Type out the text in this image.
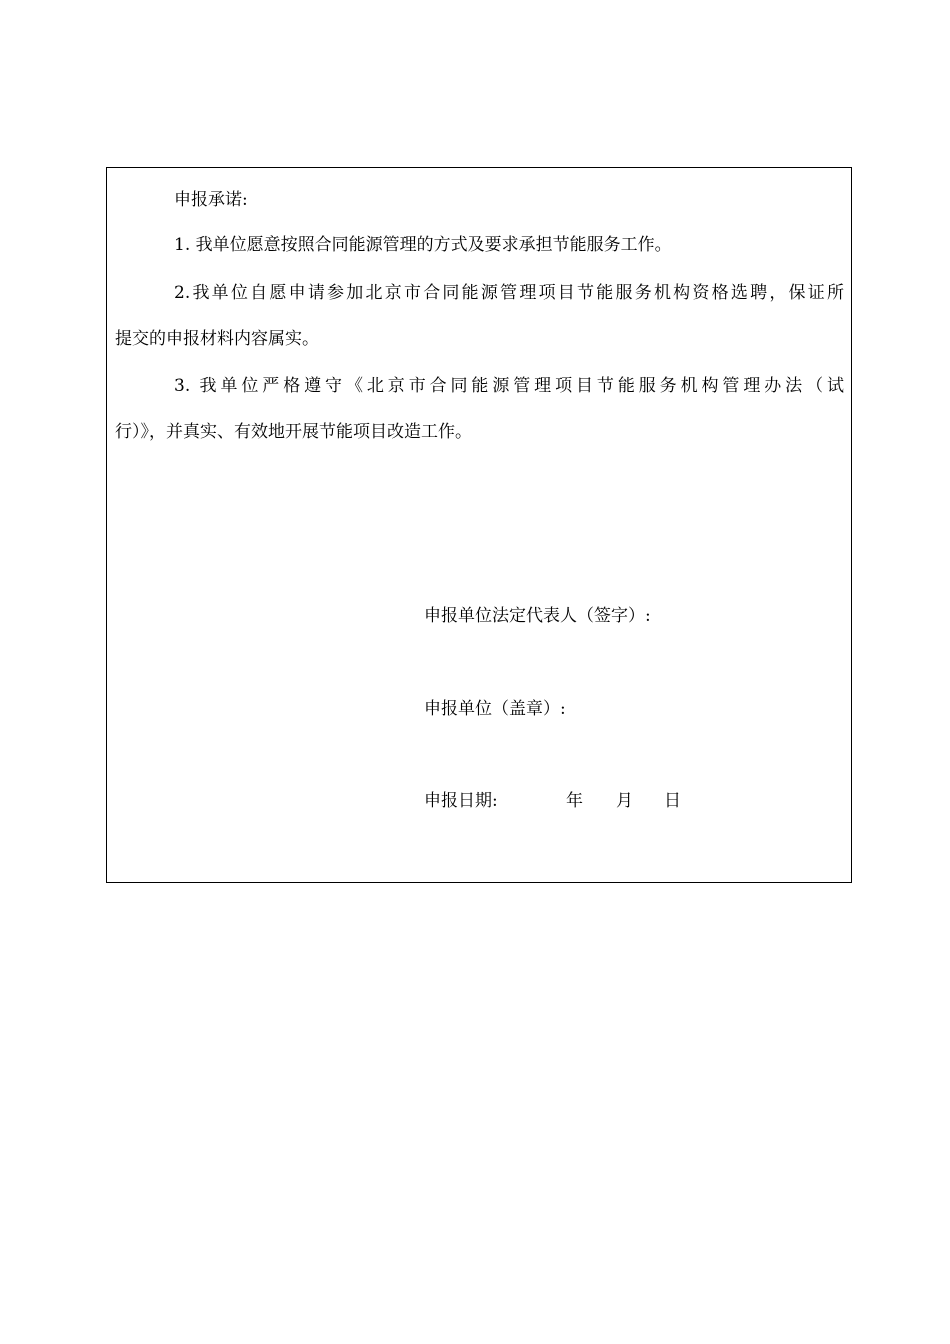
申报承诺:
1. 我单位愿意按照合同能源管理的方式及要求承担节能服务工作。
2.我单位自愿申请参加北京市合同能源管理项目节能服务机构资格选聘，保证所
提交的申报材料内容属实。
3. 我单位严格遵守《北京市合同能源管理项目节能服务机构管理办法（试
行）》，并真实、有效地开展节能项目改造工作。
申报单位法定代表人（签字）:
申报单位（盖章）:
申报日期:	年 月 日
